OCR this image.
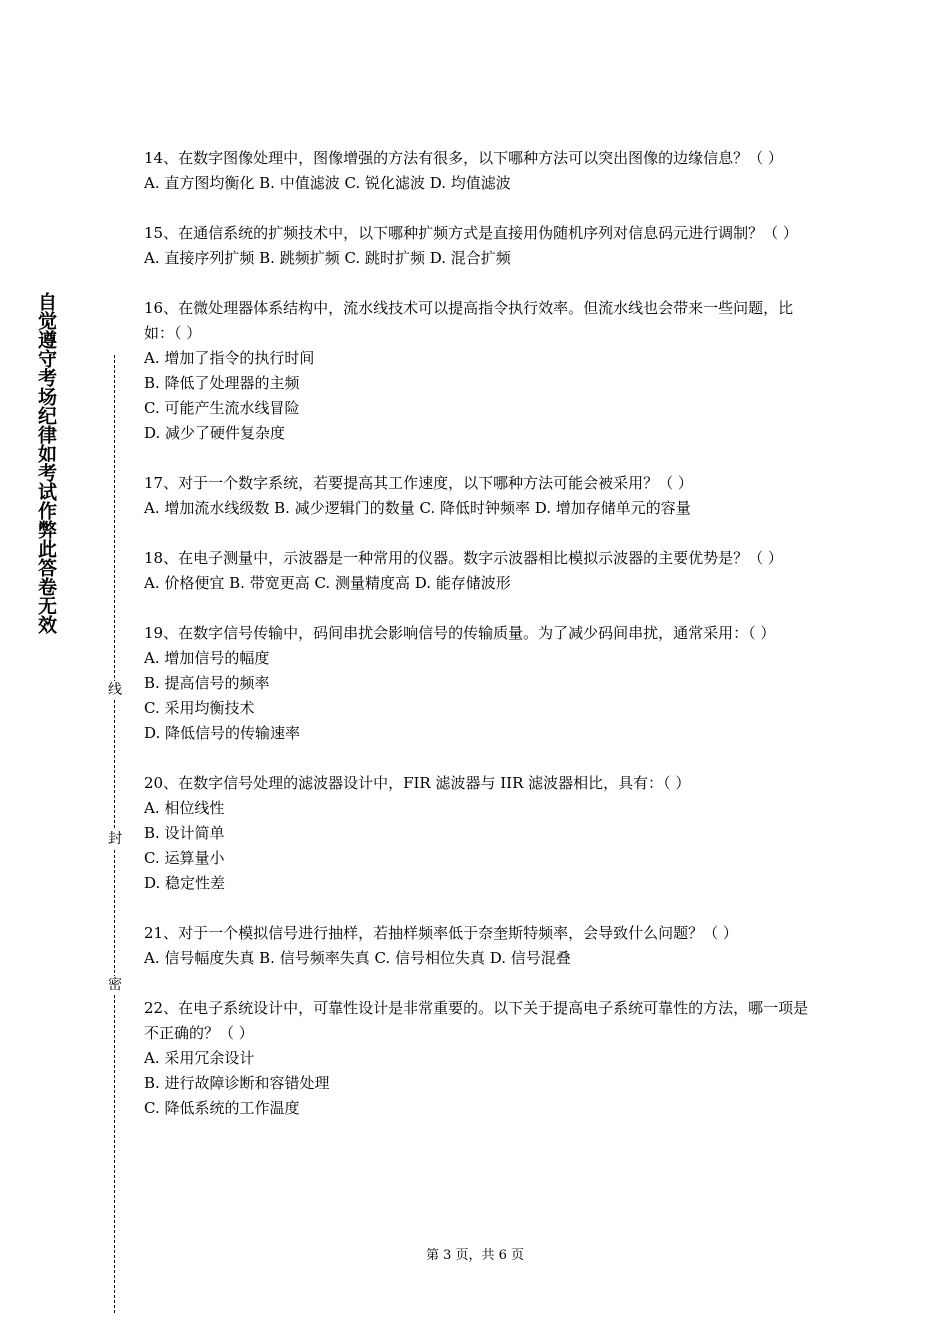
自觉遵守考场纪律如考试作弊此答卷无效
线
封
密

14、在数字图像处理中，图像增强的方法有很多，以下哪种方法可以突出图像的边缘信息？（ ）

A. 直方图均衡化 B. 中值滤波 C. 锐化滤波 D. 均值滤波

15、在通信系统的扩频技术中，以下哪种扩频方式是直接用伪随机序列对信息码元进行调制？（ ）

A. 直接序列扩频 B. 跳频扩频 C. 跳时扩频 D. 混合扩频

16、在微处理器体系结构中，流水线技术可以提高指令执行效率。但流水线也会带来一些问题，比如：（ ）

A. 增加了指令的执行时间

B. 降低了处理器的主频

C. 可能产生流水线冒险

D. 减少了硬件复杂度

17、对于一个数字系统，若要提高其工作速度，以下哪种方法可能会被采用？（ ）

A. 增加流水线级数 B. 减少逻辑门的数量 C. 降低时钟频率 D. 增加存储单元的容量

18、在电子测量中，示波器是一种常用的仪器。数字示波器相比模拟示波器的主要优势是？（ ）

A. 价格便宜 B. 带宽更高 C. 测量精度高 D. 能存储波形

19、在数字信号传输中，码间串扰会影响信号的传输质量。为了减少码间串扰，通常采用：（ ）

A. 增加信号的幅度

B. 提高信号的频率

C. 采用均衡技术

D. 降低信号的传输速率

20、在数字信号处理的滤波器设计中，FIR 滤波器与 IIR 滤波器相比，具有：（ ）

A. 相位线性

B. 设计简单

C. 运算量小

D. 稳定性差

21、对于一个模拟信号进行抽样，若抽样频率低于奈奎斯特频率，会导致什么问题？（ ）

A. 信号幅度失真 B. 信号频率失真 C. 信号相位失真 D. 信号混叠

22、在电子系统设计中，可靠性设计是非常重要的。以下关于提高电子系统可靠性的方法，哪一项是不正确的？（ ）

A. 采用冗余设计

B. 进行故障诊断和容错处理

C. 降低系统的工作温度

第 3 页，共 6 页
